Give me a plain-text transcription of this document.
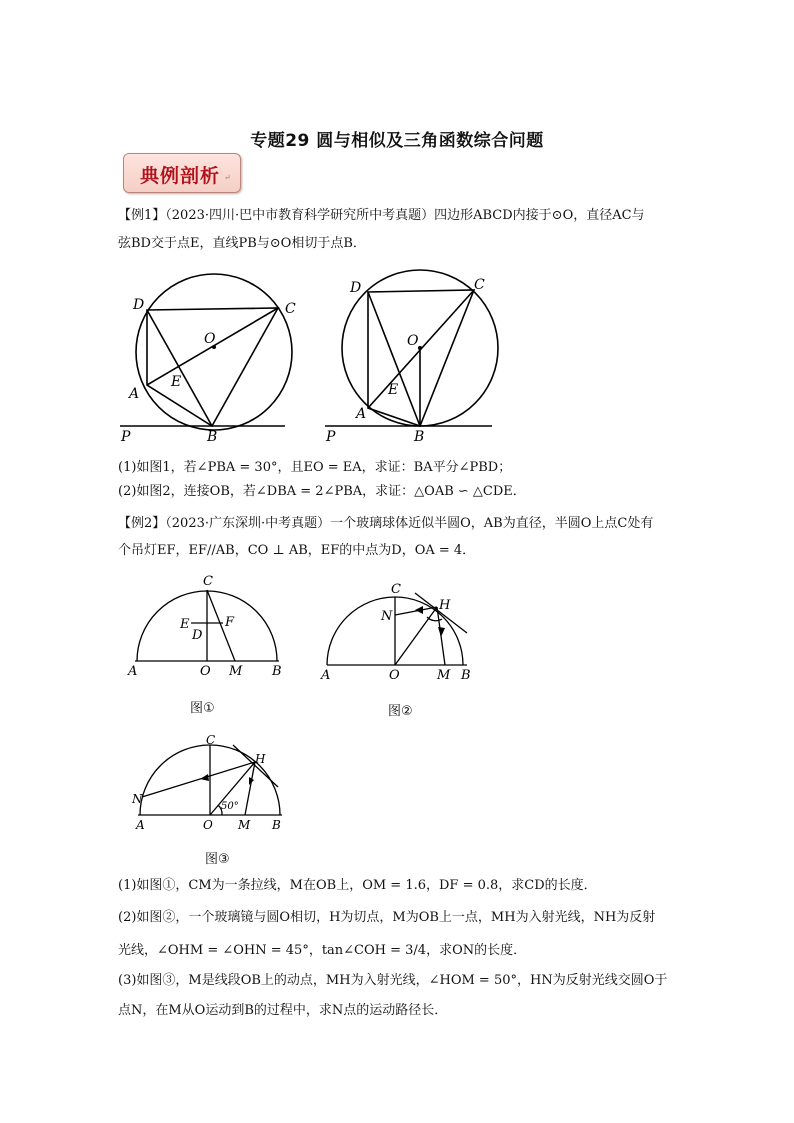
专题29 圆与相似及三角函数综合问题
典例剖析 ↵
【例1】（2023·四川·巴中市教育科学研究所中考真题）四边形ABCD内接于⊙O，直径AC与
弦BD交于点E，直线PB与⊙O相切于点B．
D	C
O
E
A
B
P
D	C
O
E
A
B
P
(1)如图1，若∠PBA = 30°，且EO = EA，求证：BA平分∠PBD；
(2)如图2，连接OB，若∠DBA = 2∠PBA，求证：△OAB ∽ △CDE．
【例2】（2023·广东深圳·中考真题）一个玻璃球体近似半圆O，AB为直径，半圆O上点C处有
个吊灯EF，EF//AB，CO ⊥ AB，EF的中点为D，OA = 4．
C
E
D
F
A	O M B
图①
C
H
N
A	O	M B
图②
C
H
N
50°
A	O M B
图③
(1)如图①，CM为一条拉线，M在OB上，OM = 1.6，DF = 0.8，求CD的长度．
(2)如图②，一个玻璃镜与圆O相切，H为切点，M为OB上一点，MH为入射光线，NH为反射
光线，∠OHM = ∠OHN = 45°，tan∠COH = 3/4，求ON的长度．
(3)如图③，M是线段OB上的动点，MH为入射光线，∠HOM = 50°，HN为反射光线交圆O于
点N，在M从O运动到B的过程中，求N点的运动路径长．
